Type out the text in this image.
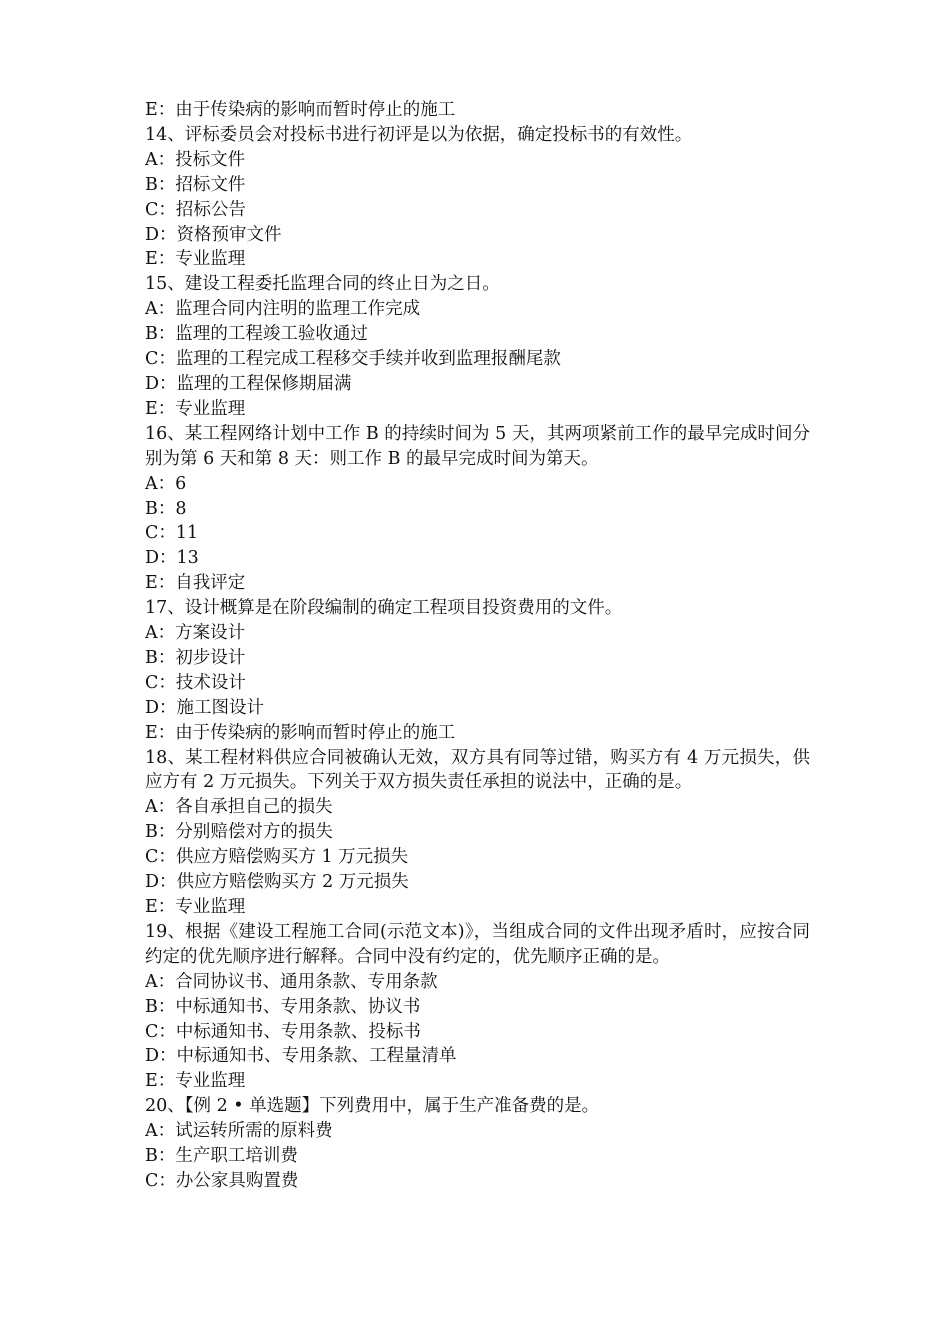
E：由于传染病的影响而暂时停止的施工
14、评标委员会对投标书进行初评是以为依据，确定投标书的有效性。
A：投标文件
B：招标文件
C：招标公告
D：资格预审文件
E：专业监理
15、建设工程委托监理合同的终止日为之日。
A：监理合同内注明的监理工作完成
B：监理的工程竣工验收通过
C：监理的工程完成工程移交手续并收到监理报酬尾款
D：监理的工程保修期届满
E：专业监理
16、某工程网络计划中工作 B 的持续时间为 5 天，其两项紧前工作的最早完成时间分别为第 6 天和第 8 天：则工作 B 的最早完成时间为第天。
A：6
B：8
C：11
D：13
E：自我评定
17、设计概算是在阶段编制的确定工程项目投资费用的文件。
A：方案设计
B：初步设计
C：技术设计
D：施工图设计
E：由于传染病的影响而暂时停止的施工
18、某工程材料供应合同被确认无效，双方具有同等过错，购买方有 4 万元损失，供应方有 2 万元损失。下列关于双方损失责任承担的说法中，正确的是。
A：各自承担自己的损失
B：分别赔偿对方的损失
C：供应方赔偿购买方 1 万元损失
D：供应方赔偿购买方 2 万元损失
E：专业监理
19、根据《建设工程施工合同(示范文本)》，当组成合同的文件出现矛盾时，应按合同约定的优先顺序进行解释。合同中没有约定的，优先顺序正确的是。
A：合同协议书、通用条款、专用条款
B：中标通知书、专用条款、协议书
C：中标通知书、专用条款、投标书
D：中标通知书、专用条款、工程量清单
E：专业监理
20、【例 2 • 单选题】下列费用中，属于生产准备费的是。
A：试运转所需的原料费
B：生产职工培训费
C：办公家具购置费
